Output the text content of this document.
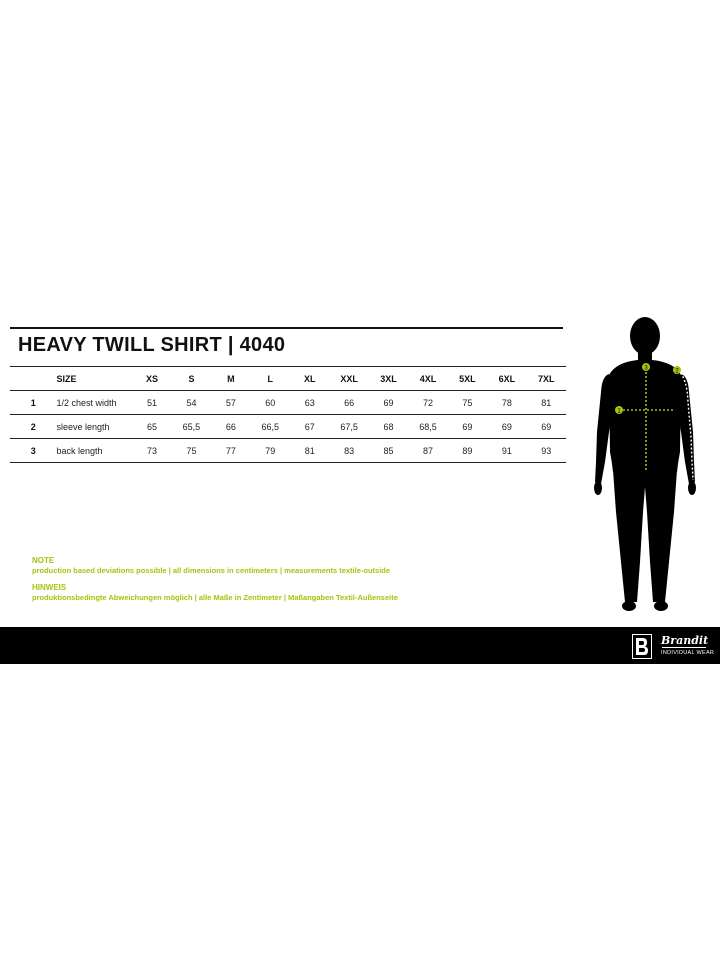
HEAVY TWILL SHIRT | 4040
	SIZE	XS	S	M	L	XL	XXL	3XL	4XL	5XL	6XL	7XL
1	1/2 chest width	51	54	57	60	63	66	69	72	75	78	81
2	sleeve length	65	65,5	66	66,5	67	67,5	68	68,5	69	69	69
3	back length	73	75	77	79	81	83	85	87	89	91	93
NOTE
production based deviations possible | all dimensions in centimeters | measurements textile-outside
HINWEIS
produktionsbedingte Abweichungen möglich | alle Maße in Zentimeter | Maßangaben Textil-Außenseite
1
2
3
Brandit
INDIVIDUAL WEAR
